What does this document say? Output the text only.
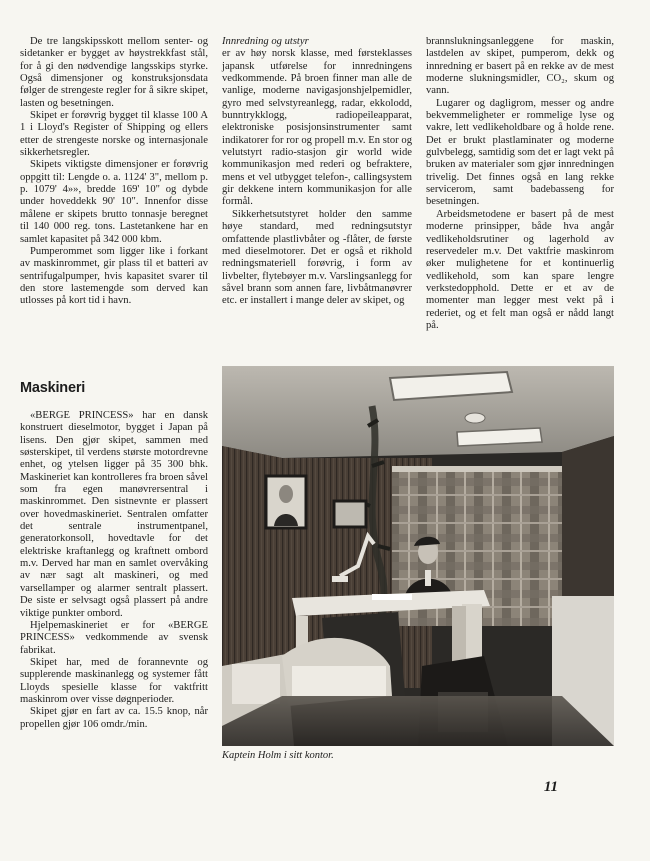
De tre langskipsskott mellom senter- og sidetanker er bygget av høystrekkfast stål, for å gi den nødvendige langsskips styrke. Også dimensjoner og konstruksjonsdata følger de strengeste regler for å sikre skipet, lasten og besetningen.

Skipet er forøvrig bygget til klasse 100 A 1 i Lloyd's Register of Shipping og ellers etter de strengeste norske og internasjonale sikkerhetsregler.

Skipets viktigste dimensjoner er forøvrig oppgitt til: Lengde o. a. 1124' 3", mellom p. p. 1079' 4»», bredde 169' 10" og dybde under hoveddekk 90' 10". Innenfor disse målene er skipets brutto tonnasje beregnet til 140 000 reg. tons. Lastetankene har en samlet kapasitet på 342 000 kbm.

Pumperommet som ligger like i forkant av maskinrommet, gir plass til et batteri av sentrifugalpumper, hvis kapasitet svarer til den store lastemengde som derved kan utlosses på kort tid i havn.

Maskineri

«BERGE PRINCESS» har en dansk konstruert dieselmotor, bygget i Japan på lisens. Den gjør skipet, sammen med søsterskipet, til verdens største motordrevne enhet, og ytelsen ligger på 35 300 bhk. Maskineriet kan kontrolleres fra broen såvel som fra egen manøvrersentral i maskinrommet. Den sistnevnte er plassert over hovedmaskineriet. Sentralen omfatter det sentrale instrumentpanel, generatorkonsoll, hovedtavle for det elektriske kraftanlegg og kraftnett ombord m.v. Derved har man en samlet overvåking av nær sagt alt maskineri, og med varsellamper og alarmer sentralt plassert. De siste er selvsagt også plassert på andre viktige punkter ombord.

Hjelpemaskineriet er for «BERGE PRINCESS» vedkommende av svensk fabrikat.

Skipet har, med de forannevnte og supplerende maskinanlegg og systemer fått Lloyds spesielle klasse for vaktfritt maskinrom over visse døgnperioder.

Skipet gjør en fart av ca. 15.5 knop, når propellen gjør 106 omdr./min.

Innredning og utstyr

er av høy norsk klasse, med førsteklasses japansk utførelse for innredningens vedkommende. På broen finner man alle de vanlige, moderne navigasjonshjelpemidler, gyro med selvstyreanlegg, radar, ekkolodd, bunntrykklogg, radiopeileapparat, elektroniske posisjonsinstrumenter samt indikatorer for ror og propell m.v. En stor og velutstyrt radio-stasjon gir world wide kommunikasjon med rederi og befraktere, mens et vel utbygget telefon-, callingsystem gir dekkene intern kommunikasjon for alle formål.

Sikkerhetsutstyret holder den samme høye standard, med redningsutstyr omfattende plastlivbåter og -flåter, de første med dieselmotorer. Det er også et rikhold redningsmateriell forøvrig, i form av livbelter, flytebøyer m.v. Varslingsanlegg for såvel brann som annen fare, livbåtmanøvrer etc. er installert i mange deler av skipet, og

brannslukningsanleggene for maskin, lastdelen av skipet, pumperom, dekk og innredning er basert på en rekke av de mest moderne slukningsmidler, CO₂, skum og vann.

Lugarer og dagligrom, messer og andre bekvemmeligheter er rommelige lyse og vakre, lett vedlikeholdbare og å holde rene. Det er brukt plastlaminater og moderne gulvbelegg, samtidig som det er lagt vekt på bruken av materialer som gjør innredningen trivelig. Det finnes også en lang rekke servicerom, samt badebasseng for besetningen.

Arbeidsmetodene er basert på de mest moderne prinsipper, både hva angår vedlikeholdsrutiner og lagerhold av reservedeler m.v. Det vaktfrie maskinrom øker mulighetene for et kontinuerlig vedlikehold, som kan spare lengre verkstedopphold. Dette er et av de momenter man legger mest vekt på i rederiet, og et felt man også er nådd langt på.

Kaptein Holm i sitt kontor.
11
